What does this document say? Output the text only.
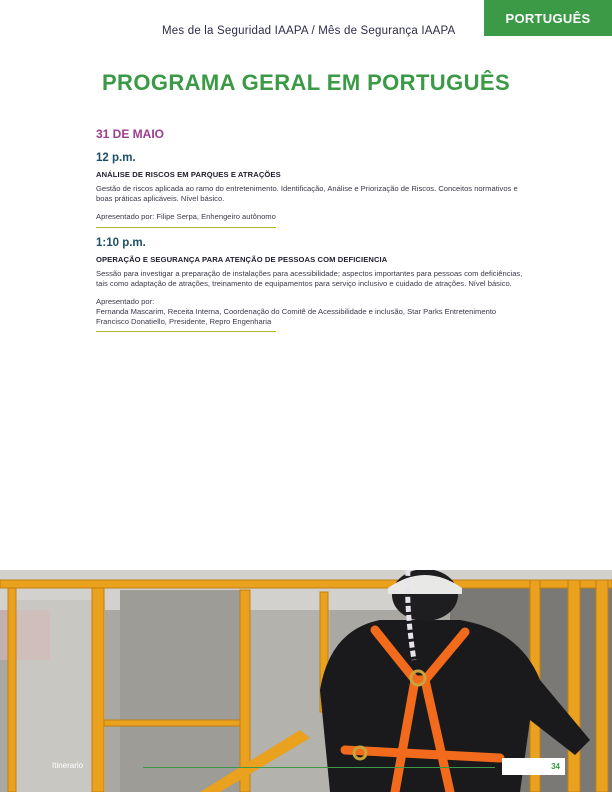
Mes de la Seguridad IAAPA / Mês de Segurança IAAPA
PORTUGUÊS
PROGRAMA GERAL EM PORTUGUÊS
31 DE MAIO
12 p.m.
ANÁLISE DE RISCOS EM PARQUES E ATRAÇÕES
Gestão de riscos aplicada ao ramo do entretenimento. Identificação, Análise e Priorização de Riscos. Conceitos normativos e boas práticas aplicáveis. Nível básico.
Apresentado por: Filipe Serpa, Enhengeiro autônomo
1:10 p.m.
OPERAÇÃO E SEGURANÇA PARA ATENÇÃO DE PESSOAS COM DEFICIENCIA
Sessão para investigar a preparação de instalações para acessibilidade; aspectos importantes para pessoas com deficiências, tais como adaptação de atrações, treinamento de equipamentos para serviço inclusivo e cuidado de atrações. Nível básico.
Apresentado por:
Fernanda Mascarim, Receita Interna, Coordenação do Comitê de Acessibilidade e inclusão, Star Parks Entretenimento
Francisco Donatiello, Presidente, Repro Engenharia
Itinerario	34
